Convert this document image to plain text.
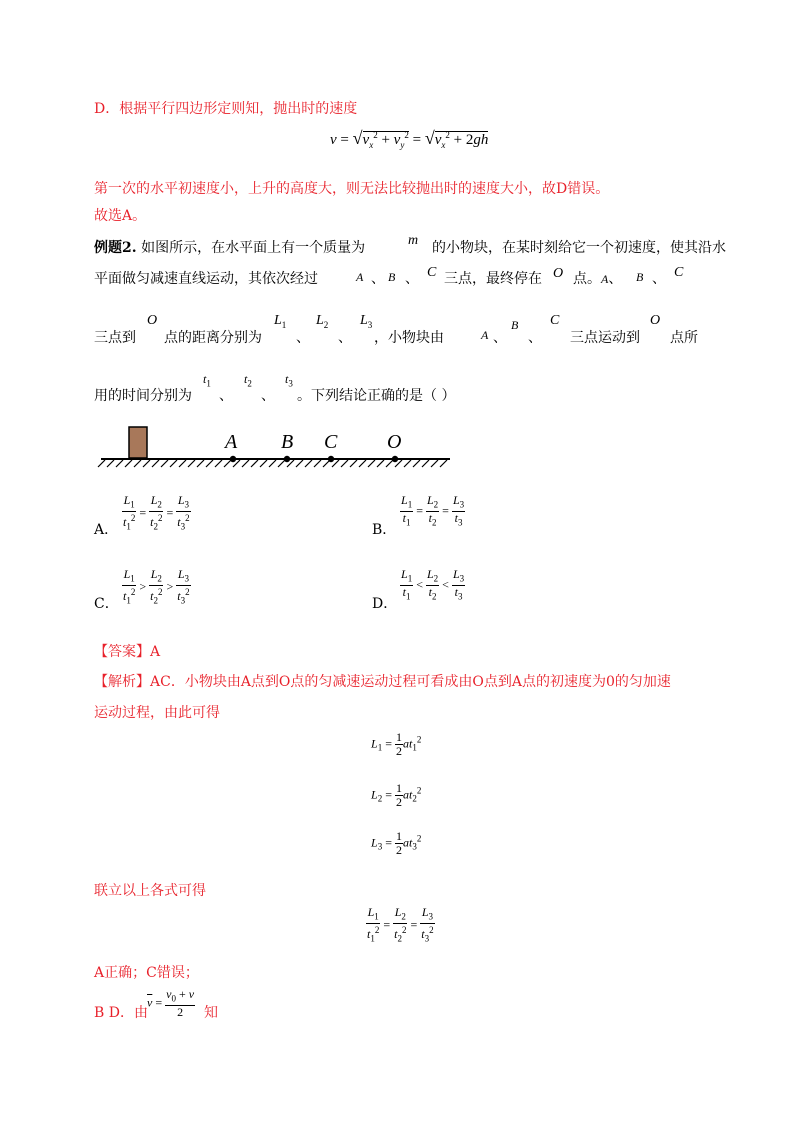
D．根据平行四边形定则知，抛出时的速度
$v = √v_x^2 + v_y^2 = √v_x^2 + 2gh$
第一次的水平初速度小，上升的高度大，则无法比较抛出时的速度大小，故D错误。
故选A。
例题2. 如图所示，在水平面上有一个质量为	m 的小物块，在某时刻给它一个初速度，使其沿水
平面做匀减速直线运动，其依次经过	A 、 B 、 C 三点，最终停在 O 点。A、 B 、 C
三点到
O
点的距离分别为
$L_1$
、
$L_2$
、
$L_3$
，小物块由	A 、
B
、
C
三点运动到
O
点所
用的时间分别为
$t_1$
、
$t_2$
、
$t_3$
。下列结论正确的是（ ）
A B C O
A． $\frac{L_1}{t_1^2} = \frac{L_2}{t_2^2} = \frac{L_3}{t_3^2}$	B．
$\frac{L_1}{t_1} = \frac{L_2}{t_2} = \frac{L_3}{t_3}$
C． $\frac{L_1}{t_1^2} > \frac{L_2}{t_2^2} > \frac{L_3}{t_3^2}$	D．
$\frac{L_1}{t_1} < \frac{L_2}{t_2} < \frac{L_3}{t_3}$
【答案】A
【解析】AC．小物块由A点到O点的匀减速运动过程可看成由O点到A点的初速度为0的匀加速
运动过程，由此可得
$L_1 = \frac{1}{2} at_1^2$
$L_2 = \frac{1}{2} at_2^2$
$L_3 = \frac{1}{2} at_3^2$
联立以上各式可得
$\frac{L_1}{t_1^2} = \frac{L_2}{t_2^2} = \frac{L_3}{t_3^2}$
A正确；C错误；
B D．由
$\overline{v} = \frac{v_0 + v}{2}$ 知
